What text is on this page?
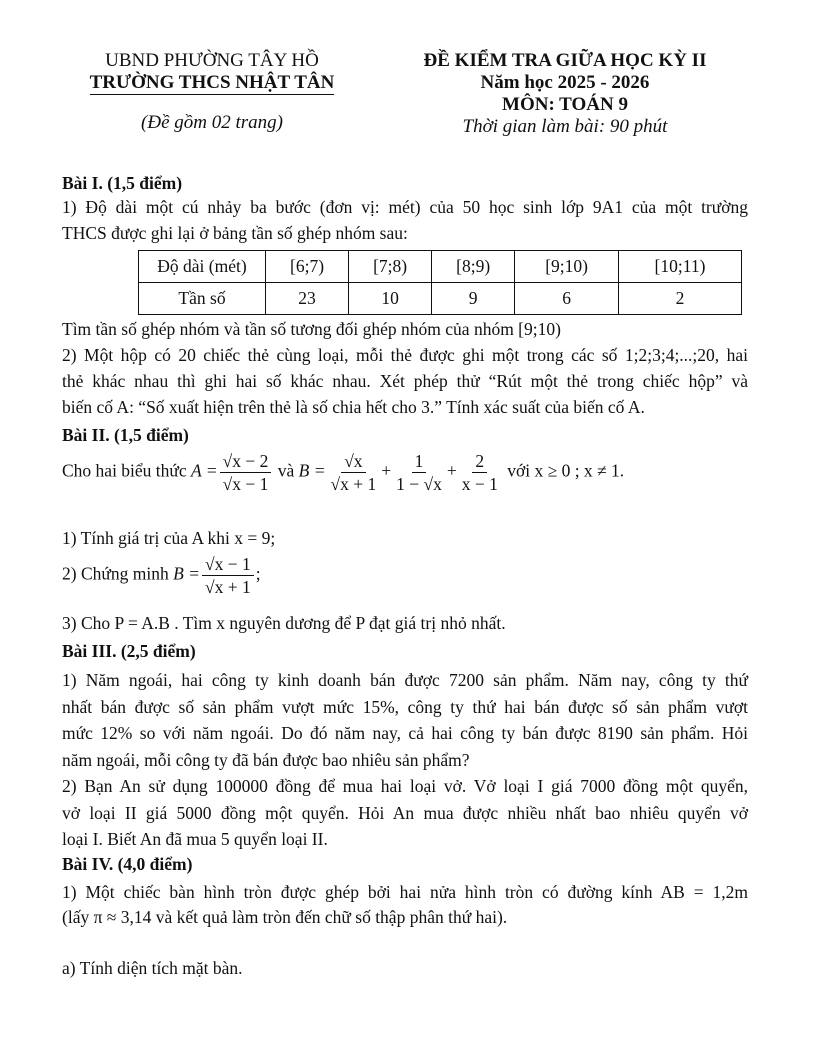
UBND PHƯỜNG TÂY HỒ
TRƯỜNG THCS NHẬT TÂN
(Đề gồm 02 trang)
ĐỀ KIỂM TRA GIỮA HỌC KỲ II
Năm học 2025 - 2026
MÔN: TOÁN 9
Thời gian làm bài: 90 phút
Bài I. (1,5 điểm)
1) Độ dài một cú nhảy ba bước (đơn vị: mét) của 50 học sinh lớp 9A1 của một trường
THCS được ghi lại ở bảng tần số ghép nhóm sau:
Độ dài (mét)	[6;7)	[7;8)	[8;9)	[9;10)	[10;11)
Tần số	23	10	9	6	2
Tìm tần số ghép nhóm và tần số tương đối ghép nhóm của nhóm [9;10)
2) Một hộp có 20 chiếc thẻ cùng loại, mỗi thẻ được ghi một trong các số 1;2;3;4;...;20, hai
thẻ khác nhau thì ghi hai số khác nhau. Xét phép thử “Rút một thẻ trong chiếc hộp” và
biến cố A: “Số xuất hiện trên thẻ là số chia hết cho 3.” Tính xác suất của biến cố A.
Bài II. (1,5 điểm)
Cho hai biểu thức $A = \frac{√x - 2}{√x - 1}$ và $B = \frac{√x}{√x + 1} + \frac{1}{1 - √x} + \frac{2}{x - 1}$ với x ≥ 0 ; x ≠ 1.
1) Tính giá trị của A khi x = 9;
2) Chứng minh $B = \frac{√x - 1}{√x + 1}$ ;
3) Cho P = A.B . Tìm x nguyên dương để P đạt giá trị nhỏ nhất.
Bài III. (2,5 điểm)
1) Năm ngoái, hai công ty kinh doanh bán được 7200 sản phẩm. Năm nay, công ty thứ
nhất bán được số sản phẩm vượt mức 15%, công ty thứ hai bán được số sản phẩm vượt
mức 12% so với năm ngoái. Do đó năm nay, cả hai công ty bán được 8190 sản phẩm. Hỏi
năm ngoái, mỗi công ty đã bán được bao nhiêu sản phẩm?
2) Bạn An sử dụng 100000 đồng để mua hai loại vở. Vở loại I giá 7000 đồng một quyển,
vở loại II giá 5000 đồng một quyển. Hỏi An mua được nhiều nhất bao nhiêu quyển vở
loại I. Biết An đã mua 5 quyển loại II.
Bài IV. (4,0 điểm)
1) Một chiếc bàn hình tròn được ghép bởi hai nửa hình tròn có đường kính AB = 1,2m
(lấy π ≈ 3,14 và kết quả làm tròn đến chữ số thập phân thứ hai).
a) Tính diện tích mặt bàn.
